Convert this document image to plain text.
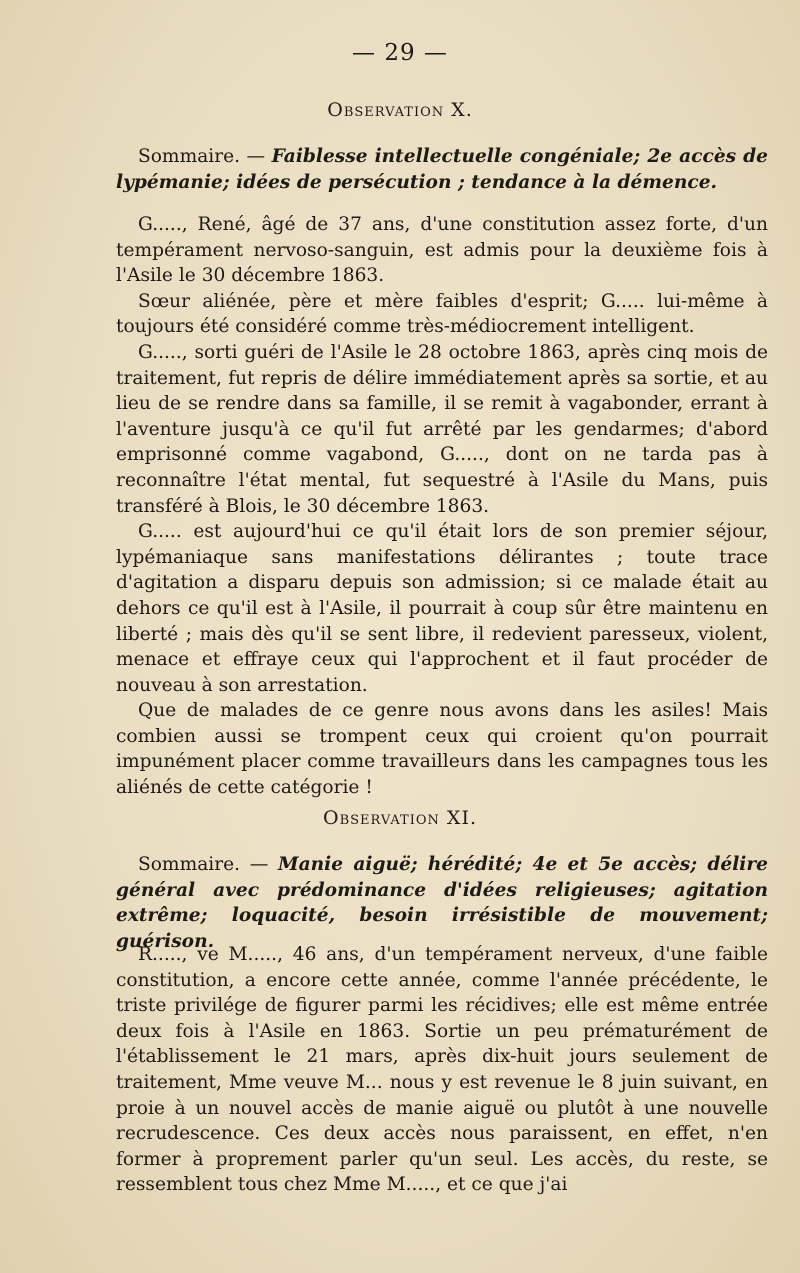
— 29 —
Observation X.

Sommaire. — Faiblesse intellectuelle congéniale; 2e accès de lypémanie; idées de persécution ; tendance à la démence.

G....., René, âgé de 37 ans, d'une constitution assez forte, d'un tempérament nervoso-sanguin, est admis pour la deuxième fois à l'Asile le 30 décembre 1863.

Sœur aliénée, père et mère faibles d'esprit; G..... lui-même à toujours été considéré comme très-médiocrement intelligent.

G....., sorti guéri de l'Asile le 28 octobre 1863, après cinq mois de traitement, fut repris de délire immédiatement après sa sortie, et au lieu de se rendre dans sa famille, il se remit à vagabonder, errant à l'aventure jusqu'à ce qu'il fut arrêté par les gendarmes; d'abord emprisonné comme vagabond, G....., dont on ne tarda pas à reconnaître l'état mental, fut sequestré à l'Asile du Mans, puis transféré à Blois, le 30 décembre 1863.

G..... est aujourd'hui ce qu'il était lors de son premier séjour, lypémaniaque sans manifestations délirantes ; toute trace d'agitation a disparu depuis son admission; si ce malade était au dehors ce qu'il est à l'Asile, il pourrait à coup sûr être maintenu en liberté ; mais dès qu'il se sent libre, il redevient paresseux, violent, menace et effraye ceux qui l'approchent et il faut procéder de nouveau à son arrestation.

Que de malades de ce genre nous avons dans les asiles! Mais combien aussi se trompent ceux qui croient qu'on pourrait impunément placer comme travailleurs dans les campagnes tous les aliénés de cette catégorie !

Observation XI.

Sommaire. — Manie aiguë; hérédité; 4e et 5e accès; délire général avec prédominance d'idées religieuses; agitation extrême; loquacité, besoin irrésistible de mouvement; guérison.

R....., ve M....., 46 ans, d'un tempérament nerveux, d'une faible constitution, a encore cette année, comme l'année précédente, le triste privilége de figurer parmi les récidives; elle est même entrée deux fois à l'Asile en 1863. Sortie un peu prématurément de l'établissement le 21 mars, après dix-huit jours seulement de traitement, Mme veuve M... nous y est revenue le 8 juin suivant, en proie à un nouvel accès de manie aiguë ou plutôt à une nouvelle recrudescence. Ces deux accès nous paraissent, en effet, n'en former à proprement parler qu'un seul. Les accès, du reste, se ressemblent tous chez Mme M....., et ce que j'ai
